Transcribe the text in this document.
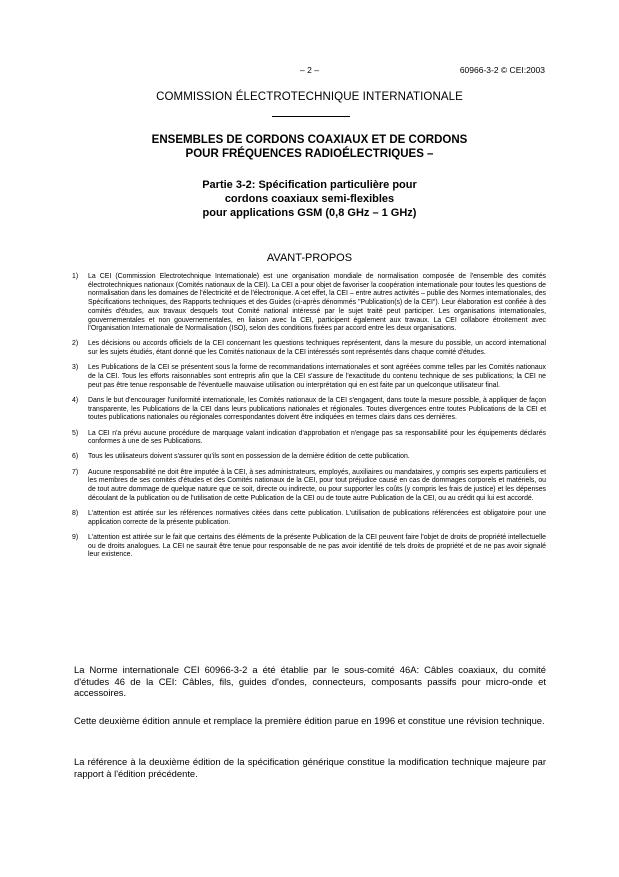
– 2 –	60966-3-2 © CEI:2003
COMMISSION ÉLECTROTECHNIQUE INTERNATIONALE
ENSEMBLES DE CORDONS COAXIAUX ET DE CORDONS
POUR FRÉQUENCES RADIOÉLECTRIQUES –
Partie 3-2: Spécification particulière pour
cordons coaxiaux semi-flexibles
pour applications GSM (0,8 GHz – 1 GHz)
AVANT-PROPOS
1) La CEI (Commission Electrotechnique Internationale) est une organisation mondiale de normalisation composée de l'ensemble des comités électrotechniques nationaux (Comités nationaux de la CEI). La CEI a pour objet de favoriser la coopération internationale pour toutes les questions de normalisation dans les domaines de l'électricité et de l'électronique. A cet effet, la CEI – entre autres activités – publie des Normes internationales, des Spécifications techniques, des Rapports techniques et des Guides (ci-après dénommés "Publication(s) de la CEI"). Leur élaboration est confiée à des comités d'études, aux travaux desquels tout Comité national intéressé par le sujet traité peut participer. Les organisations internationales, gouvernementales et non gouvernementales, en liaison avec la CEI, participent également aux travaux. La CEI collabore étroitement avec l'Organisation Internationale de Normalisation (ISO), selon des conditions fixées par accord entre les deux organisations.
2) Les décisions ou accords officiels de la CEI concernant les questions techniques représentent, dans la mesure du possible, un accord international sur les sujets étudiés, étant donné que les Comités nationaux de la CEI intéressés sont représentés dans chaque comité d'études.
3) Les Publications de la CEI se présentent sous la forme de recommandations internationales et sont agréées comme telles par les Comités nationaux de la CEI. Tous les efforts raisonnables sont entrepris afin que la CEI s'assure de l'exactitude du contenu technique de ses publications; la CEI ne peut pas être tenue responsable de l'éventuelle mauvaise utilisation ou interprétation qui en est faite par un quelconque utilisateur final.
4) Dans le but d'encourager l'uniformité internationale, les Comités nationaux de la CEI s'engagent, dans toute la mesure possible, à appliquer de façon transparente, les Publications de la CEI dans leurs publications nationales et régionales. Toutes divergences entre toutes Publications de la CEI et toutes publications nationales ou régionales correspondantes doivent être indiquées en termes clairs dans ces dernières.
5) La CEI n'a prévu aucune procédure de marquage valant indication d'approbation et n'engage pas sa responsabilité pour les équipements déclarés conformes à une de ses Publications.
6) Tous les utilisateurs doivent s'assurer qu'ils sont en possession de la dernière édition de cette publication.
7) Aucune responsabilité ne doit être imputée à la CEI, à ses administrateurs, employés, auxiliaires ou mandataires, y compris ses experts particuliers et les membres de ses comités d'études et des Comités nationaux de la CEI, pour tout préjudice causé en cas de dommages corporels et matériels, ou de tout autre dommage de quelque nature que ce soit, directe ou indirecte, ou pour supporter les coûts (y compris les frais de justice) et les dépenses découlant de la publication ou de l'utilisation de cette Publication de la CEI ou de toute autre Publication de la CEI, ou au crédit qui lui est accordé.
8) L'attention est attirée sur les références normatives citées dans cette publication. L'utilisation de publications référencées est obligatoire pour une application correcte de la présente publication.
9) L'attention est attirée sur le fait que certains des éléments de la présente Publication de la CEI peuvent faire l'objet de droits de propriété intellectuelle ou de droits analogues. La CEI ne saurait être tenue pour responsable de ne pas avoir identifié de tels droits de propriété et de ne pas avoir signalé leur existence.

La Norme internationale CEI 60966-3-2 a été établie par le sous-comité 46A: Câbles coaxiaux, du comité d'études 46 de la CEI: Câbles, fils, guides d'ondes, connecteurs, composants passifs pour micro-onde et accessoires.

Cette deuxième édition annule et remplace la première édition parue en 1996 et constitue une révision technique.

La référence à la deuxième édition de la spécification générique constitue la modification technique majeure par rapport à l'édition précédente.
